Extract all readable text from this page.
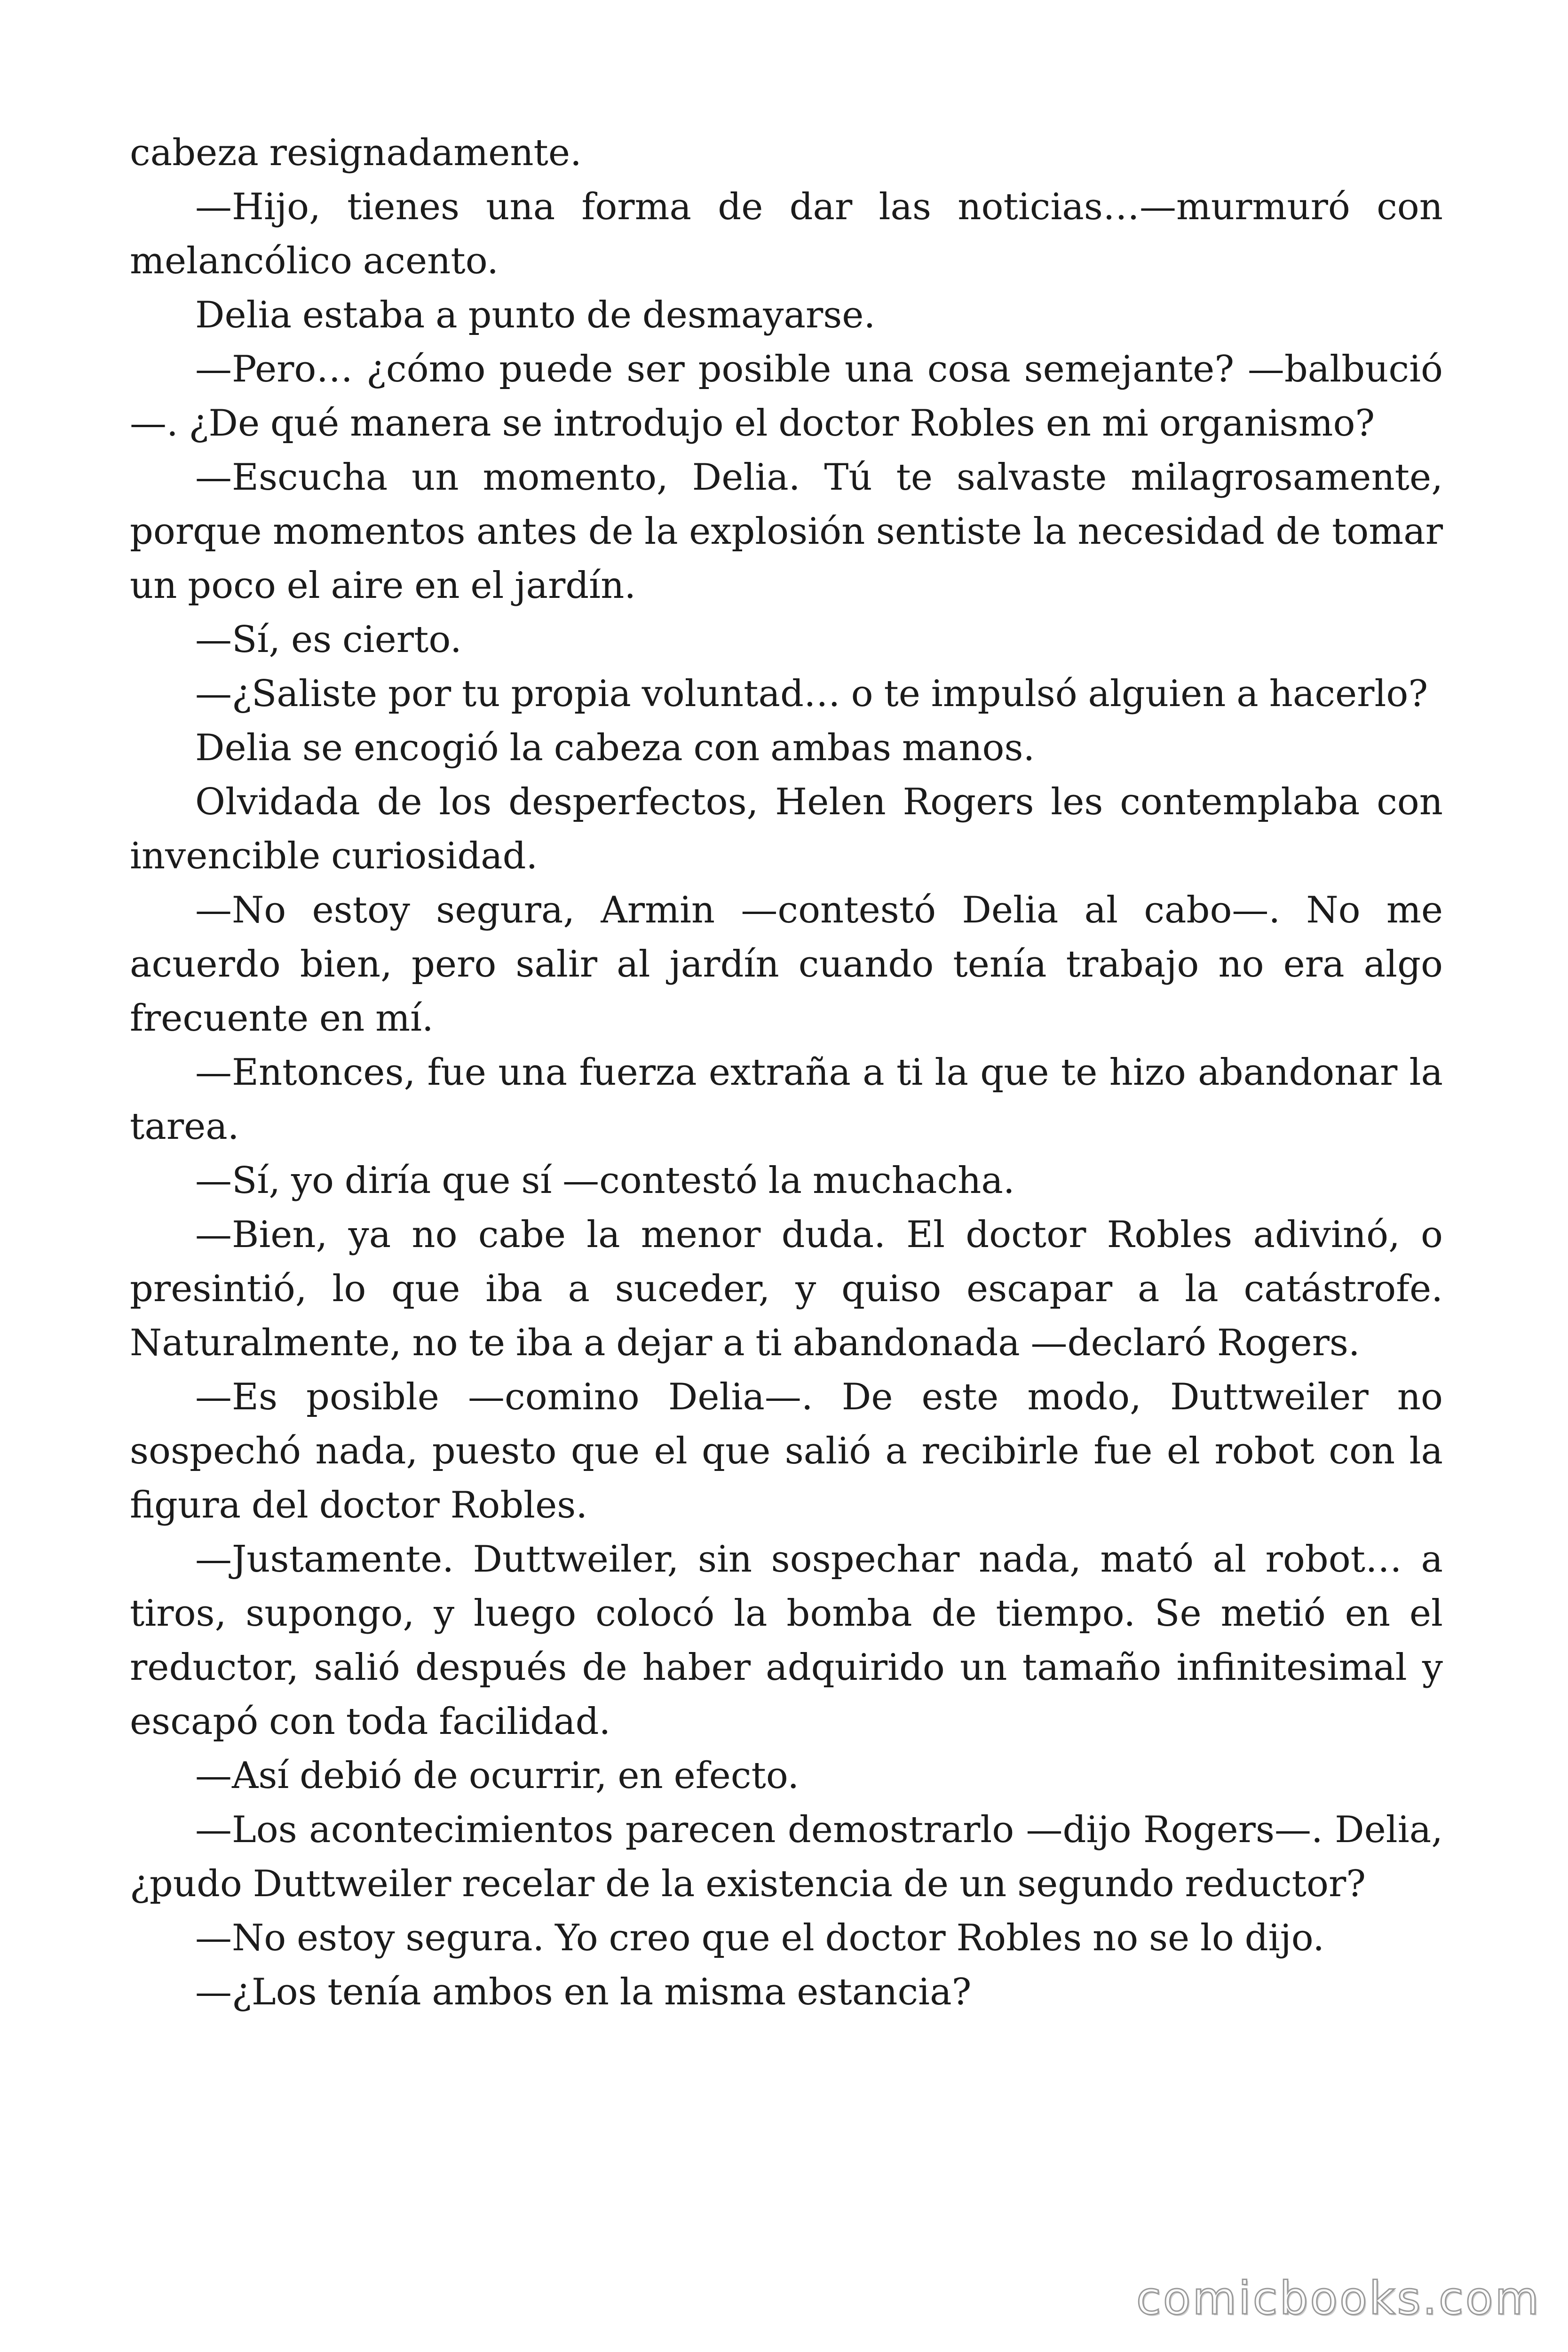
cabeza resignadamente.

—Hijo, tienes una forma de dar las noticias…—murmuró con melancólico acento.

Delia estaba a punto de desmayarse.

—Pero… ¿cómo puede ser posible una cosa semejante? —balbució—. ¿De qué manera se introdujo el doctor Robles en mi organismo?

—Escucha un momento, Delia. Tú te salvaste milagrosamente, porque momentos antes de la explosión sentiste la necesidad de tomar un poco el aire en el jardín.

—Sí, es cierto.

—¿Saliste por tu propia voluntad… o te impulsó alguien a hacerlo?

Delia se encogió la cabeza con ambas manos.

Olvidada de los desperfectos, Helen Rogers les contemplaba con invencible curiosidad.

—No estoy segura, Armin —contestó Delia al cabo—. No me acuerdo bien, pero salir al jardín cuando tenía trabajo no era algo frecuente en mí.

—Entonces, fue una fuerza extraña a ti la que te hizo abandonar la tarea.

—Sí, yo diría que sí —contestó la muchacha.

—Bien, ya no cabe la menor duda. El doctor Robles adivinó, o presintió, lo que iba a suceder, y quiso escapar a la catástrofe. Naturalmente, no te iba a dejar a ti abandonada —declaró Rogers.

—Es posible —comino Delia—. De este modo, Duttweiler no sospechó nada, puesto que el que salió a recibirle fue el robot con la figura del doctor Robles.

—Justamente. Duttweiler, sin sospechar nada, mató al robot… a tiros, supongo, y luego colocó la bomba de tiempo. Se metió en el reductor, salió después de haber adquirido un tamaño infinitesimal y escapó con toda facilidad.

—Así debió de ocurrir, en efecto.

—Los acontecimientos parecen demostrarlo —dijo Rogers—. Delia, ¿pudo Duttweiler recelar de la existencia de un segundo reductor?

—No estoy segura. Yo creo que el doctor Robles no se lo dijo.

—¿Los tenía ambos en la misma estancia?

comicbooks.com
